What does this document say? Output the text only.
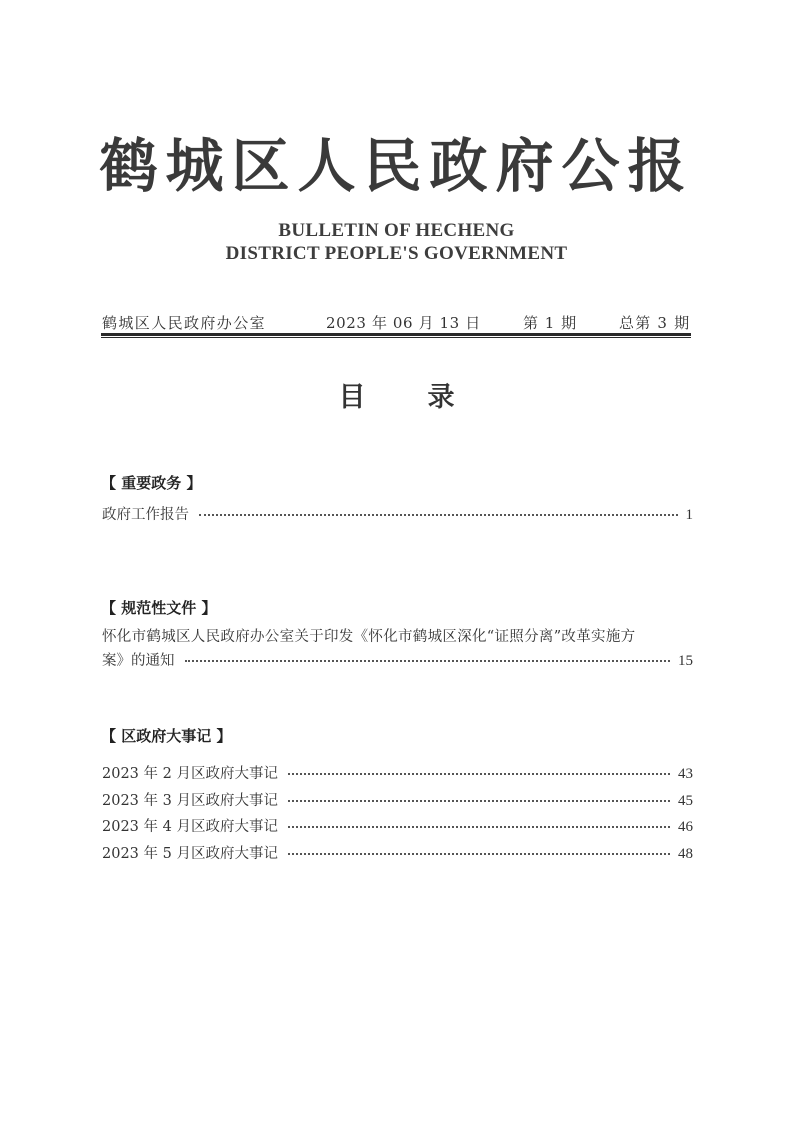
鹤城区人民政府公报
BULLETIN OF HECHENG
DISTRICT PEOPLE'S GOVERNMENT
鹤城区人民政府办公室	2023 年 06 月 13 日	第 1 期	总第 3 期
目录
【 重要政务 】
政府工作报告	1
【 规范性文件 】
怀化市鹤城区人民政府办公室关于印发《怀化市鹤城区深化“证照分离”改革实施方
案》的通知	15
【 区政府大事记 】
2023 年 2 月区政府大事记	43
2023 年 3 月区政府大事记	45
2023 年 4 月区政府大事记	46
2023 年 5 月区政府大事记	48
